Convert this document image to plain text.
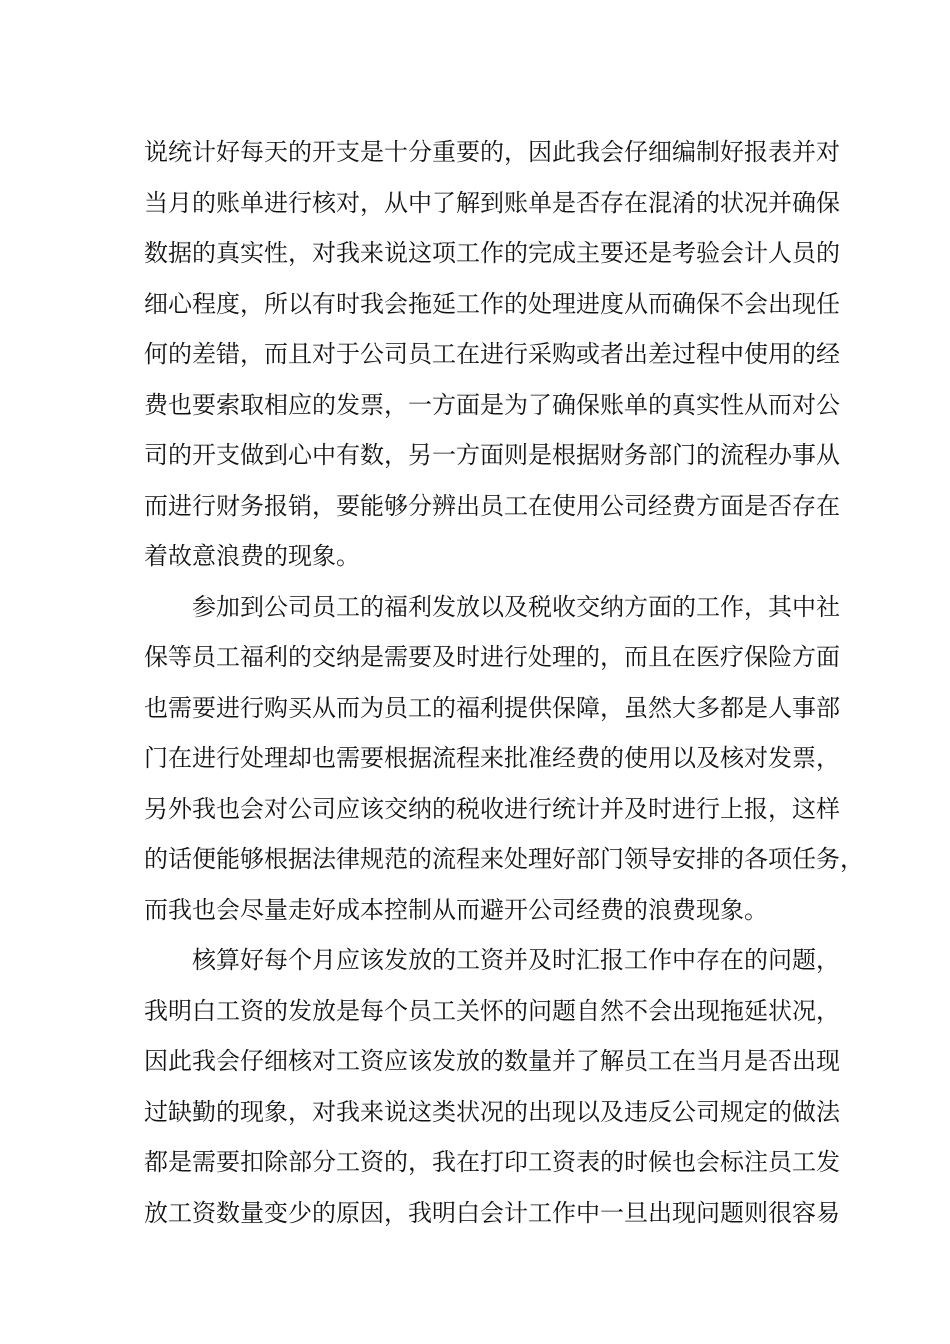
说统计好每天的开支是十分重要的，因此我会仔细编制好报表并对
当月的账单进行核对，从中了解到账单是否存在混淆的状况并确保
数据的真实性，对我来说这项工作的完成主要还是考验会计人员的
细心程度，所以有时我会拖延工作的处理进度从而确保不会出现任
何的差错，而且对于公司员工在进行采购或者出差过程中使用的经
费也要索取相应的发票，一方面是为了确保账单的真实性从而对公
司的开支做到心中有数，另一方面则是根据财务部门的流程办事从
而进行财务报销，要能够分辨出员工在使用公司经费方面是否存在
着故意浪费的现象。
参加到公司员工的福利发放以及税收交纳方面的工作，其中社
保等员工福利的交纳是需要及时进行处理的，而且在医疗保险方面
也需要进行购买从而为员工的福利提供保障，虽然大多都是人事部
门在进行处理却也需要根据流程来批准经费的使用以及核对发票，
另外我也会对公司应该交纳的税收进行统计并及时进行上报，这样
的话便能够根据法律规范的流程来处理好部门领导安排的各项任务，
而我也会尽量走好成本控制从而避开公司经费的浪费现象。
核算好每个月应该发放的工资并及时汇报工作中存在的问题，
我明白工资的发放是每个员工关怀的问题自然不会出现拖延状况，
因此我会仔细核对工资应该发放的数量并了解员工在当月是否出现
过缺勤的现象，对我来说这类状况的出现以及违反公司规定的做法
都是需要扣除部分工资的，我在打印工资表的时候也会标注员工发
放工资数量变少的原因，我明白会计工作中一旦出现问题则很容易
